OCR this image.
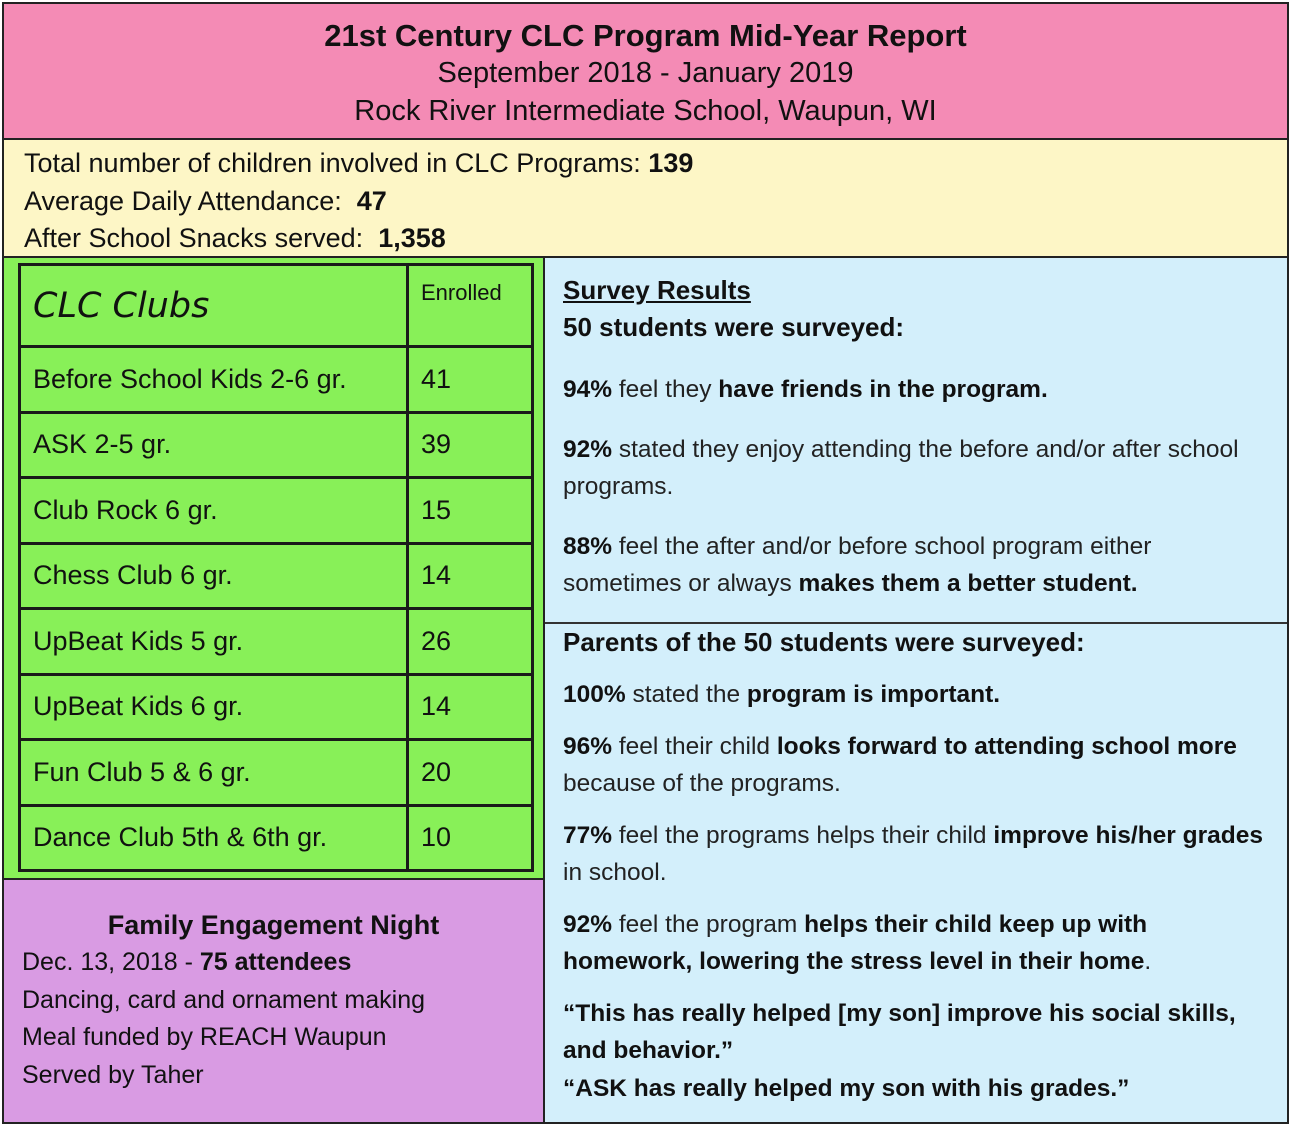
21st Century CLC Program Mid-Year Report
September 2018 - January 2019
Rock River Intermediate School, Waupun, WI
Total number of children involved in CLC Programs: 139
Average Daily Attendance: 47
After School Snacks served: 1,358
CLC Clubs	Enrolled
Before School Kids 2-6 gr.	41
ASK 2-5 gr.	39
Club Rock 6 gr.	15
Chess Club 6 gr.	14
UpBeat Kids 5 gr.	26
UpBeat Kids 6 gr.	14
Fun Club 5 & 6 gr.	20
Dance Club 5th & 6th gr.	10
Family Engagement Night
Dec. 13, 2018 - 75 attendees
Dancing, card and ornament making
Meal funded by REACH Waupun
Served by Taher
Survey Results
50 students were surveyed:
94% feel they have friends in the program.
92% stated they enjoy attending the before and/or after school programs.
88% feel the after and/or before school program either sometimes or always makes them a better student.
Parents of the 50 students were surveyed:
100% stated the program is important.
96% feel their child looks forward to attending school more because of the programs.
77% feel the programs helps their child improve his/her grades in school.
92% feel the program helps their child keep up with homework, lowering the stress level in their home.
“This has really helped [my son] improve his social skills, and behavior.”
“ASK has really helped my son with his grades.”
